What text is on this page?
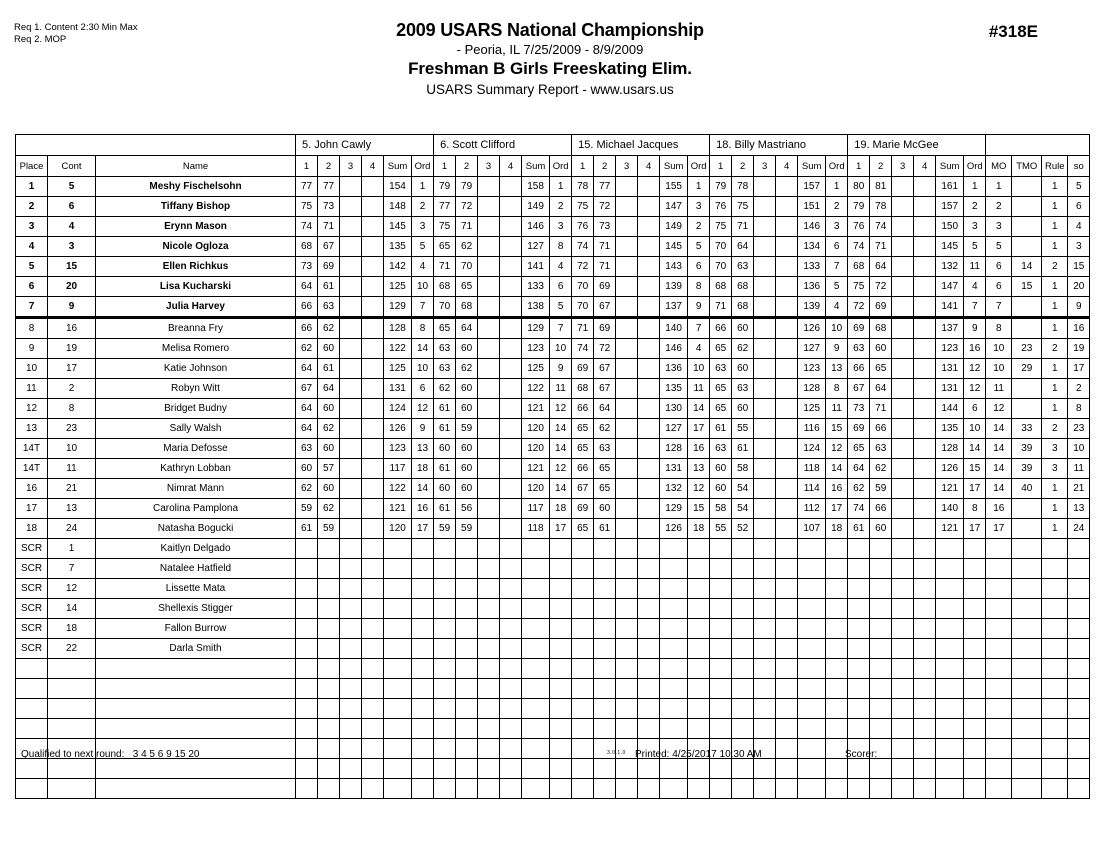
Req 1. Content 2:30 Min Max
Req 2. MOP	2009 USARS National Championship
- Peoria, IL 7/25/2009 - 8/9/2009
Freshman B Girls Freeskating Elim.
USARS Summary Report - www.usars.us
#318E
			5. John Cawly						6. Scott Clifford						15. Michael Jacques						18. Billy Mastriano						19. Marie McGee									
Place	Cont	Name	1	2	3	4	Sum	Ord	1	2	3	4	Sum	Ord	1	2	3	4	Sum	Ord	1	2	3	4	Sum	Ord	1	2	3	4	Sum	Ord	MO	TMO	Rule	so
1	5	Meshy Fischelsohn	77	77			154	1	79	79			158	1	78	77			155	1	79	78			157	1	80	81			161	1	1		1	5
2	6	Tiffany Bishop	75	73			148	2	77	72			149	2	75	72			147	3	76	75			151	2	79	78			157	2	2		1	6
3	4	Erynn Mason	74	71			145	3	75	71			146	3	76	73			149	2	75	71			146	3	76	74			150	3	3		1	4
4	3	Nicole Ogloza	68	67			135	5	65	62			127	8	74	71			145	5	70	64			134	6	74	71			145	5	5		1	3
5	15	Ellen Richkus	73	69			142	4	71	70			141	4	72	71			143	6	70	63			133	7	68	64			132	11	6	14	2	15
6	20	Lisa Kucharski	64	61			125	10	68	65			133	6	70	69			139	8	68	68			136	5	75	72			147	4	6	15	1	20
7	9	Julia Harvey	66	63			129	7	70	68			138	5	70	67			137	9	71	68			139	4	72	69			141	7	7		1	9
8	16	Breanna Fry	66	62			128	8	65	64			129	7	71	69			140	7	66	60			126	10	69	68			137	9	8		1	16
9	19	Melisa Romero	62	60			122	14	63	60			123	10	74	72			146	4	65	62			127	9	63	60			123	16	10	23	2	19
10	17	Katie Johnson	64	61			125	10	63	62			125	9	69	67			136	10	63	60			123	13	66	65			131	12	10	29	1	17
11	2	Robyn Witt	67	64			131	6	62	60			122	11	68	67			135	11	65	63			128	8	67	64			131	12	11		1	2
12	8	Bridget Budny	64	60			124	12	61	60			121	12	66	64			130	14	65	60			125	11	73	71			144	6	12		1	8
13	23	Sally Walsh	64	62			126	9	61	59			120	14	65	62			127	17	61	55			116	15	69	66			135	10	14	33	2	23
14T	10	Maria Defosse	63	60			123	13	60	60			120	14	65	63			128	16	63	61			124	12	65	63			128	14	14	39	3	10
14T	11	Kathryn Lobban	60	57			117	18	61	60			121	12	66	65			131	13	60	58			118	14	64	62			126	15	14	39	3	11
16	21	Nimrat Mann	62	60			122	14	60	60			120	14	67	65			132	12	60	54			114	16	62	59			121	17	14	40	1	21
17	13	Carolina Pamplona	59	62			121	16	61	56			117	18	69	60			129	15	58	54			112	17	74	66			140	8	16		1	13
18	24	Natasha Bogucki	61	59			120	17	59	59			118	17	65	61			126	18	55	52			107	18	61	60			121	17	17		1	24
SCR	1	Kaitlyn Delgado																																		
SCR	7	Natalee Hatfield																																		
SCR	12	Lissette Mata																																		
SCR	14	Shellexis Stigger																																		
SCR	18	Fallon Burrow																																		
SCR	22	Darla Smith																																		

Qualified to next round: 3 4 5 6 9 15 20	3.0.1.0 Printed: 4/25/2017 10:30 AM	Scorer:
